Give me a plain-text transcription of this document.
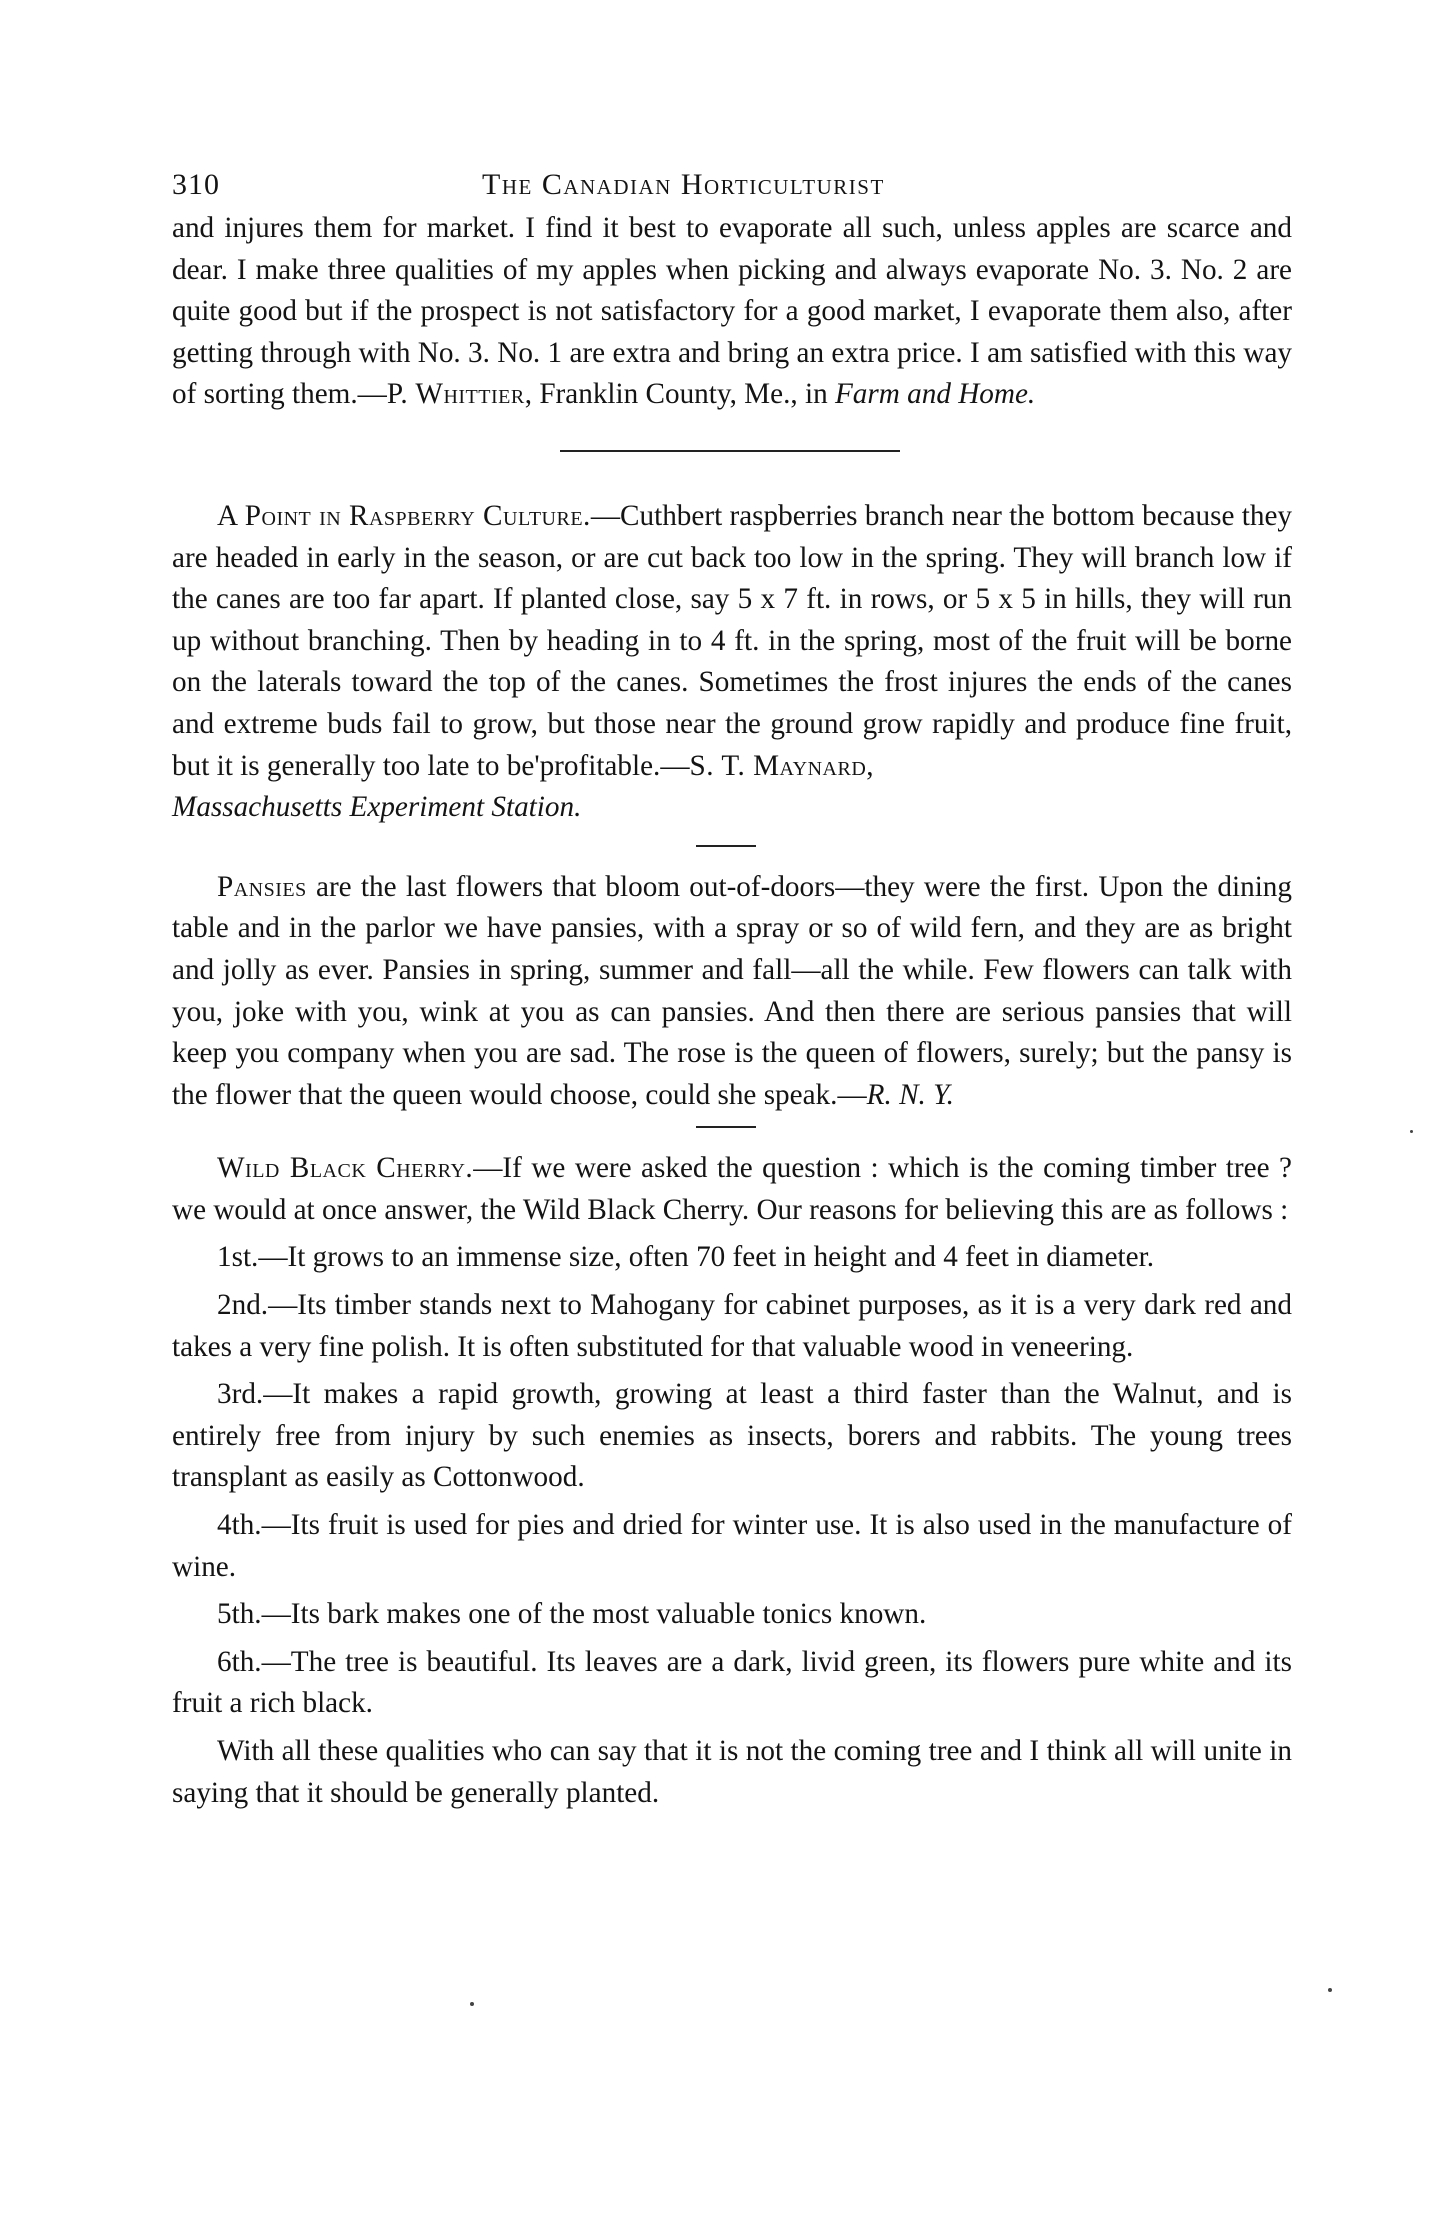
310	The Canadian Horticulturist

and injures them for market. I find it best to evaporate all such, unless apples are scarce and dear. I make three qualities of my apples when picking and always evaporate No. 3. No. 2 are quite good but if the prospect is not satisfactory for a good market, I evaporate them also, after getting through with No. 3. No. 1 are extra and bring an extra price. I am satisfied with this way of sorting them.—P. Whittier, Franklin County, Me., in Farm and Home.

A Point in Raspberry Culture.—Cuthbert raspberries branch near the bottom because they are headed in early in the season, or are cut back too low in the spring. They will branch low if the canes are too far apart. If planted close, say 5 x 7 ft. in rows, or 5 x 5 in hills, they will run up without branching. Then by heading in to 4 ft. in the spring, most of the fruit will be borne on the laterals toward the top of the canes. Sometimes the frost injures the ends of the canes and extreme buds fail to grow, but those near the ground grow rapidly and produce fine fruit, but it is generally too late to be'profitable.—S. T. Maynard,
Massachusetts Experiment Station.

Pansies are the last flowers that bloom out-of-doors—they were the first. Upon the dining table and in the parlor we have pansies, with a spray or so of wild fern, and they are as bright and jolly as ever. Pansies in spring, summer and fall—all the while. Few flowers can talk with you, joke with you, wink at you as can pansies. And then there are serious pansies that will keep you company when you are sad. The rose is the queen of flowers, surely; but the pansy is the flower that the queen would choose, could she speak.—R. N. Y.

Wild Black Cherry.—If we were asked the question : which is the coming timber tree ? we would at once answer, the Wild Black Cherry. Our reasons for believing this are as follows :

1st.—It grows to an immense size, often 70 feet in height and 4 feet in diameter.

2nd.—Its timber stands next to Mahogany for cabinet purposes, as it is a very dark red and takes a very fine polish. It is often substituted for that valuable wood in veneering.

3rd.—It makes a rapid growth, growing at least a third faster than the Walnut, and is entirely free from injury by such enemies as insects, borers and rabbits. The young trees transplant as easily as Cottonwood.

4th.—Its fruit is used for pies and dried for winter use. It is also used in the manufacture of wine.

5th.—Its bark makes one of the most valuable tonics known.

6th.—The tree is beautiful. Its leaves are a dark, livid green, its flowers pure white and its fruit a rich black.

With all these qualities who can say that it is not the coming tree and I think all will unite in saying that it should be generally planted.
